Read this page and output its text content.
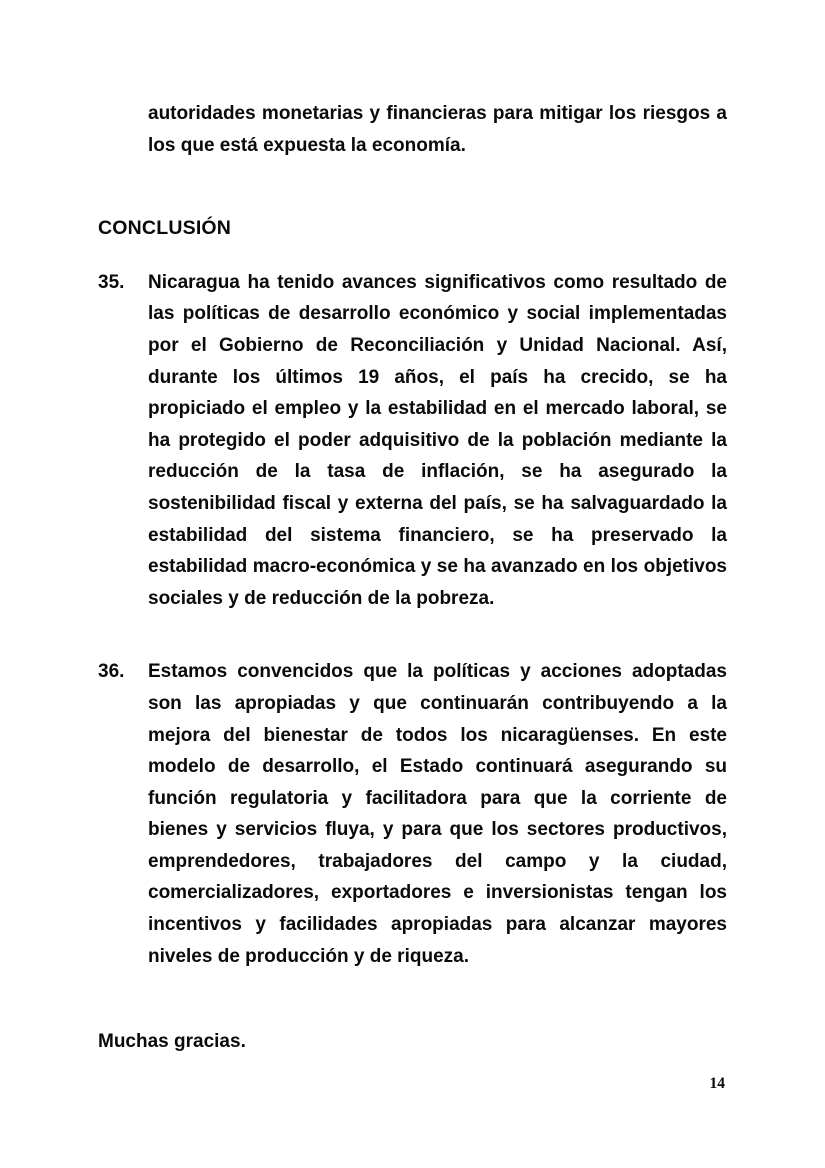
autoridades monetarias y financieras para mitigar los riesgos a los que está expuesta la economía.

CONCLUSIÓN
35.	Nicaragua ha tenido avances significativos como resultado de las políticas de desarrollo económico y social implementadas por el Gobierno de Reconciliación y Unidad Nacional. Así, durante los últimos 19 años, el país ha crecido, se ha propiciado el empleo y la estabilidad en el mercado laboral, se ha protegido el poder adquisitivo de la población mediante la reducción de la tasa de inflación, se ha asegurado la sostenibilidad fiscal y externa del país, se ha salvaguardado la estabilidad del sistema financiero, se ha preservado la estabilidad macro-económica y se ha avanzado en los objetivos sociales y de reducción de la pobreza.

36.	Estamos convencidos que la políticas y acciones adoptadas son las apropiadas y que continuarán contribuyendo a la mejora del bienestar de todos los nicaragüenses. En este modelo de desarrollo, el Estado continuará asegurando su función regulatoria y facilitadora para que la corriente de bienes y servicios fluya, y para que los sectores productivos, emprendedores, trabajadores del campo y la ciudad, comercializadores, exportadores e inversionistas tengan los incentivos y facilidades apropiadas para alcanzar mayores niveles de producción y de riqueza.

Muchas gracias.

14
